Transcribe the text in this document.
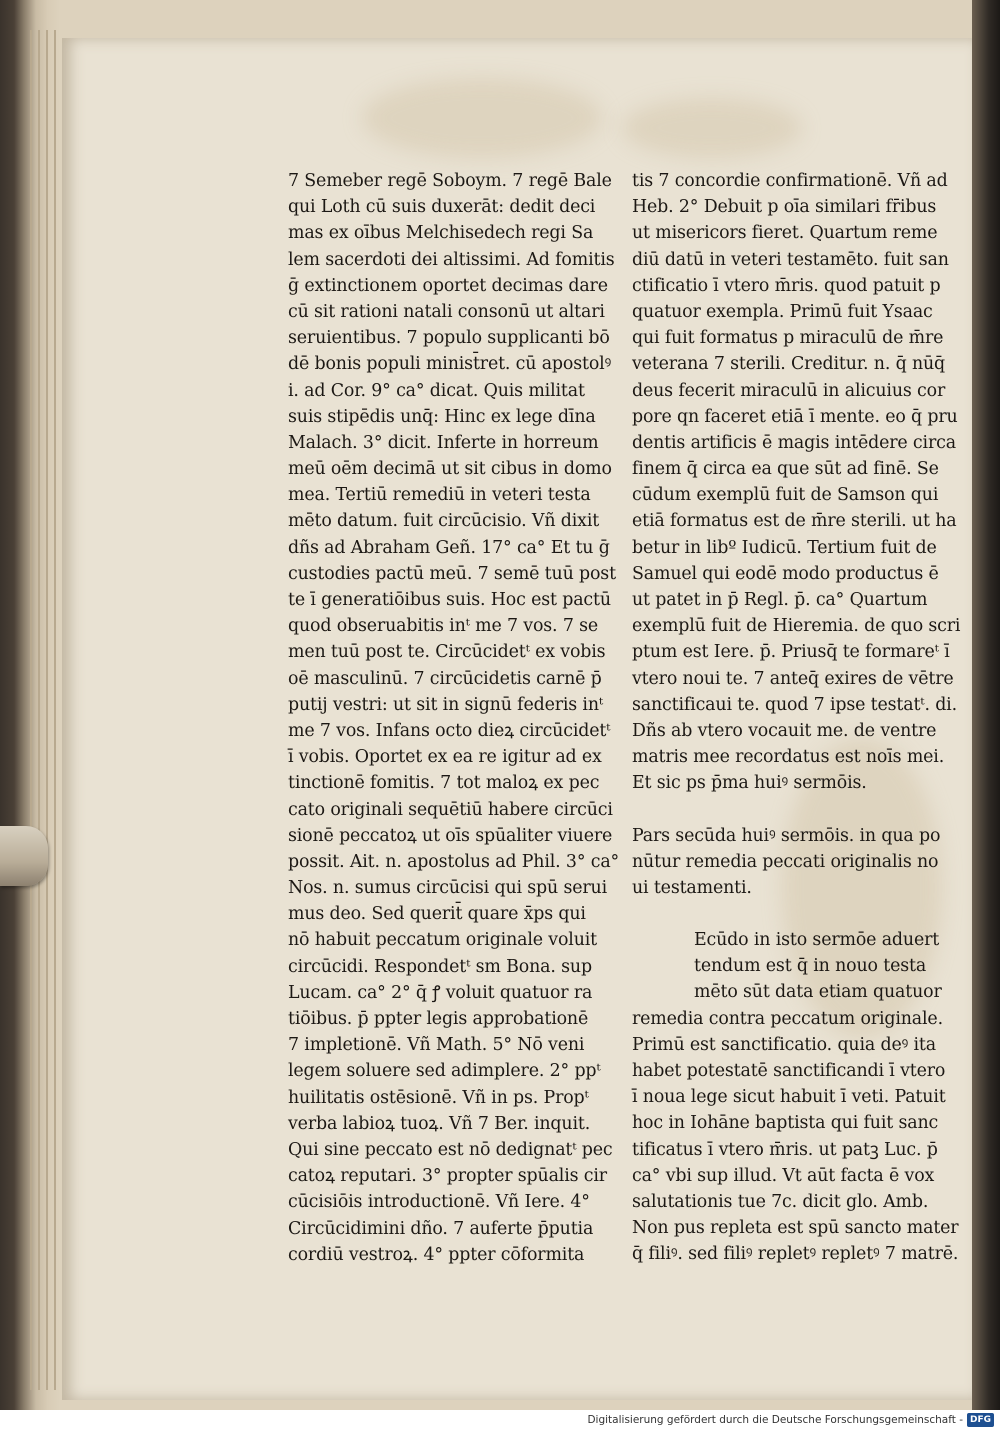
7 Semeber regē Soboym. 7 regē Bale
qui Loth cū suis duxerāt: dedit deci
mas ex oībus Melchisedech regi Sa
lem sacerdoti dei altissimi. Ad fomitis
ḡ extinctionem oportet decimas dare
cū sit rationi natali consonū ut altari
seruientibus. 7 populo supplicanti bō
dē bonis populi minist̄ret. cū apostolꝰ
i. ad Cor. 9° ca° dicat. Quis militat
suis stipēdis unq̄: Hinc ex lege dīna
Malach. 3° dicit. Inferte in horreum
meū oēm decimā ut sit cibus in domo
mea. Tertiū remediū in veteri testa
mēto datum. fuit circūcisio. Vñ dixit
dñs ad Abraham Geñ. 17° ca° Et tu ḡ
custodies pactū meū. 7 semē tuū post
te ī generatiōibus suis. Hoc est pactū
quod obseruabitis inᵗ me 7 vos. 7 se
men tuū post te. Circūcidetᵗ ex vobis
oē masculinū. 7 circūcidetis carnē p̄
putij vestri: ut sit in signū federis inᵗ
me 7 vos. Infans octo dieꝝ circūcidetᵗ
ī vobis. Oportet ex ea re igitur ad ex
tinctionē fomitis. 7 tot maloꝝ ex pec
cato originali sequētiū habere circūci
sionē peccatoꝝ ut oīs spūaliter viuere
possit. Ait. n. apostolus ad Phil. 3° ca°
Nos. n. sumus circūcisi qui spū serui
mus deo. Sed querit̄ quare x̄ps qui
nō habuit peccatum originale voluit
circūcidi. Respondetᵗ sm Bona. sup
Lucam. ca° 2° q̄ ꝭ voluit quatuor ra
tiōibus. p̄ ppter legis approbationē
7 impletionē. Vñ Math. 5° Nō veni
legem soluere sed adimplere. 2° ppᵗ
huilitatis ostēsionē. Vñ in ps. Propᵗ
verba labioꝝ tuoꝝ. Vñ 7 Ber. inquit.
Qui sine peccato est nō dedignatᵗ pec
catoꝝ reputari. 3° propter spūalis cir
cūcisiōis introductionē. Vñ Iere. 4°
Circūcidimini dño. 7 auferte p̄putia
cordiū vestroꝝ. 4° ppter cōformita
tis 7 concordie confirmationē. Vñ ad
Heb. 2° Debuit p oīa similari fr̄ibus
ut misericors fieret. Quartum reme
diū datū in veteri testamēto. fuit san
ctificatio ī vtero m̄ris. quod patuit p
quatuor exempla. Primū fuit Ysaac
qui fuit formatus p miraculū de m̄re
veterana 7 sterili. Creditur. n. q̄ nūq̄
deus fecerit miraculū in alicuius cor
pore qn faceret etiā ī mente. eo q̄ pru
dentis artificis ē magis intēdere circa
finem q̄ circa ea que sūt ad finē. Se
cūdum exemplū fuit de Samson qui
etiā formatus est de m̄re sterili. ut ha
betur in libº Iudicū. Tertium fuit de
Samuel qui eodē modo productus ē
ut patet in p̄ Regl. p̄. ca° Quartum
exemplū fuit de Hieremia. de quo scri
ptum est Iere. p̄. Priusq̄ te formareᵗ ī
vtero noui te. 7 anteq̄ exires de vētre
sanctificaui te. quod 7 ipse testatᵗ. di.
Dñs ab vtero vocauit me. de ventre
matris mee recordatus est noīs mei.
Et sic ps p̄ma huiꝰ sermōis.
Pars secūda huiꝰ sermōis. in qua po
nūtur remedia peccati originalis no
ui testamenti.
Ecūdo in isto sermōe aduert
tendum est q̄ in nouo testa
mēto sūt data etiam quatuor
remedia contra peccatum originale.
Primū est sanctificatio. quia deꝰ ita
habet potestatē sanctificandi ī vtero
ī noua lege sicut habuit ī veti. Patuit
hoc in Iohāne baptista qui fuit sanc
tificatus ī vtero m̄ris. ut patꝫ Luc. p̄
ca° vbi sup illud. Vt aūt facta ē vox
salutationis tue 7c. dicit glo. Amb.
Non pus repleta est spū sancto mater
q̄ filiꝰ. sed filiꝰ repletꝰ repletꝰ 7 matrē.
Digitalisierung gefördert durch die Deutsche Forschungsgemeinschaft - DFG
